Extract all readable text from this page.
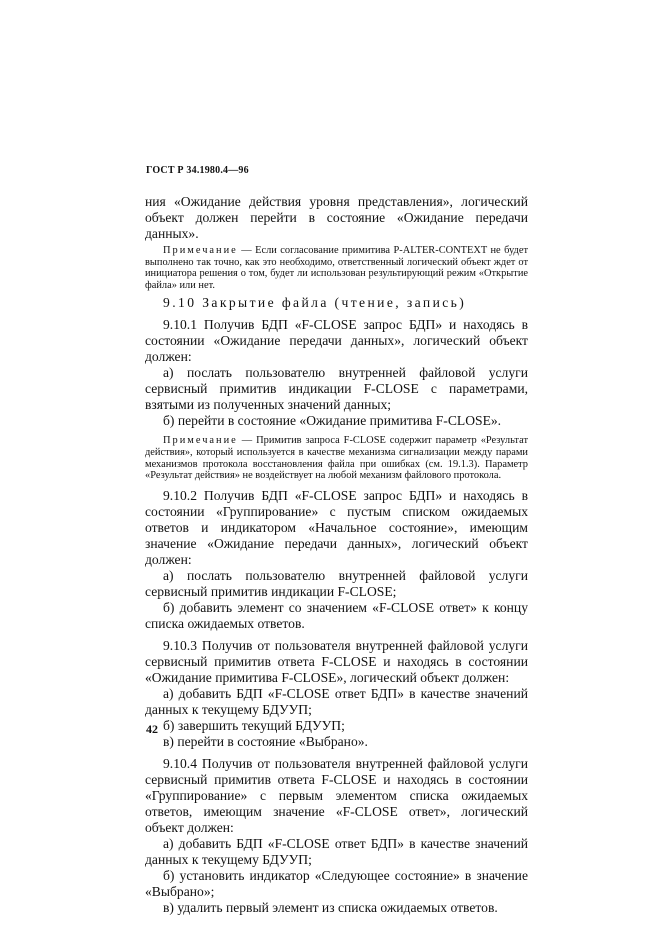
ГОСТ Р 34.1980.4—96

ния «Ожидание действия уровня представления», логический объект должен перейти в состояние «Ожидание передачи данных».

Примечание — Если согласование примитива P-ALTER-CONTEXT не будет выполнено так точно, как это необходимо, ответственный логический объект ждет от инициатора решения о том, будет ли использован результирующий режим «Открытие файла» или нет.

9.10 Закрытие файла (чтение, запись)

9.10.1 Получив БДП «F-CLOSE запрос БДП» и находясь в состоянии «Ожидание передачи данных», логический объект должен:

а) послать пользователю внутренней файловой услуги сервисный примитив индикации F-CLOSE с параметрами, взятыми из полученных значений данных;

б) перейти в состояние «Ожидание примитива F-CLOSE».

Примечание — Примитив запроса F-CLOSE содержит параметр «Результат действия», который используется в качестве механизма сигнализации между парами механизмов протокола восстановления файла при ошибках (см. 19.1.3). Параметр «Результат действия» не воздействует на любой механизм файлового протокола.

9.10.2 Получив БДП «F-CLOSE запрос БДП» и находясь в состоянии «Группирование» с пустым списком ожидаемых ответов и индикатором «Начальное состояние», имеющим значение «Ожидание передачи данных», логический объект должен:

а) послать пользователю внутренней файловой услуги сервисный примитив индикации F-CLOSE;

б) добавить элемент со значением «F-CLOSE ответ» к концу списка ожидаемых ответов.

9.10.3 Получив от пользователя внутренней файловой услуги сервисный примитив ответа F-CLOSE и находясь в состоянии «Ожидание примитива F-CLOSE», логический объект должен:

а) добавить БДП «F-CLOSE ответ БДП» в качестве значений данных к текущему БДУУП;

б) завершить текущий БДУУП;

в) перейти в состояние «Выбрано».

9.10.4 Получив от пользователя внутренней файловой услуги сервисный примитив ответа F-CLOSE и находясь в состоянии «Группирование» с первым элементом списка ожидаемых ответов, имеющим значение «F-CLOSE ответ», логический объект должен:

а) добавить БДП «F-CLOSE ответ БДП» в качестве значений данных к текущему БДУУП;

б) установить индикатор «Следующее состояние» в значение «Выбрано»;

в) удалить первый элемент из списка ожидаемых ответов.

42
